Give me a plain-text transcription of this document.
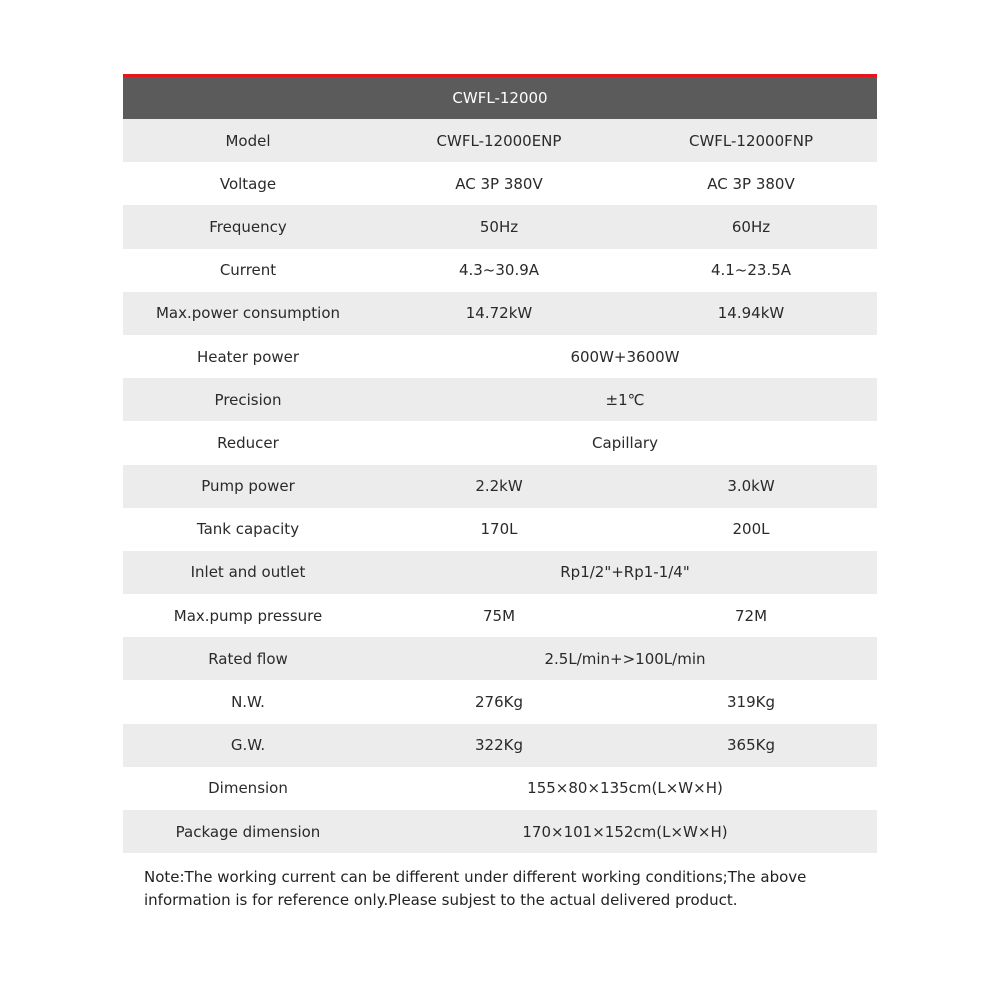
CWFL-12000
Model	CWFL-12000ENP	CWFL-12000FNP
Voltage	AC 3P 380V	AC 3P 380V
Frequency	50Hz	60Hz
Current	4.3~30.9A	4.1~23.5A
Max.power consumption	14.72kW	14.94kW
Heater power	600W+3600W
Precision	±1℃
Reducer	Capillary
Pump power	2.2kW	3.0kW
Tank capacity	170L	200L
Inlet and outlet	Rp1/2"+Rp1-1/4"
Max.pump pressure	75M	72M
Rated flow	2.5L/min+>100L/min
N.W.	276Kg	319Kg
G.W.	322Kg	365Kg
Dimension	155×80×135cm(L×W×H)
Package dimension	170×101×152cm(L×W×H)
Note:The working current can be different under different working conditions;The above information is for reference only.Please subjest to the actual delivered product.
